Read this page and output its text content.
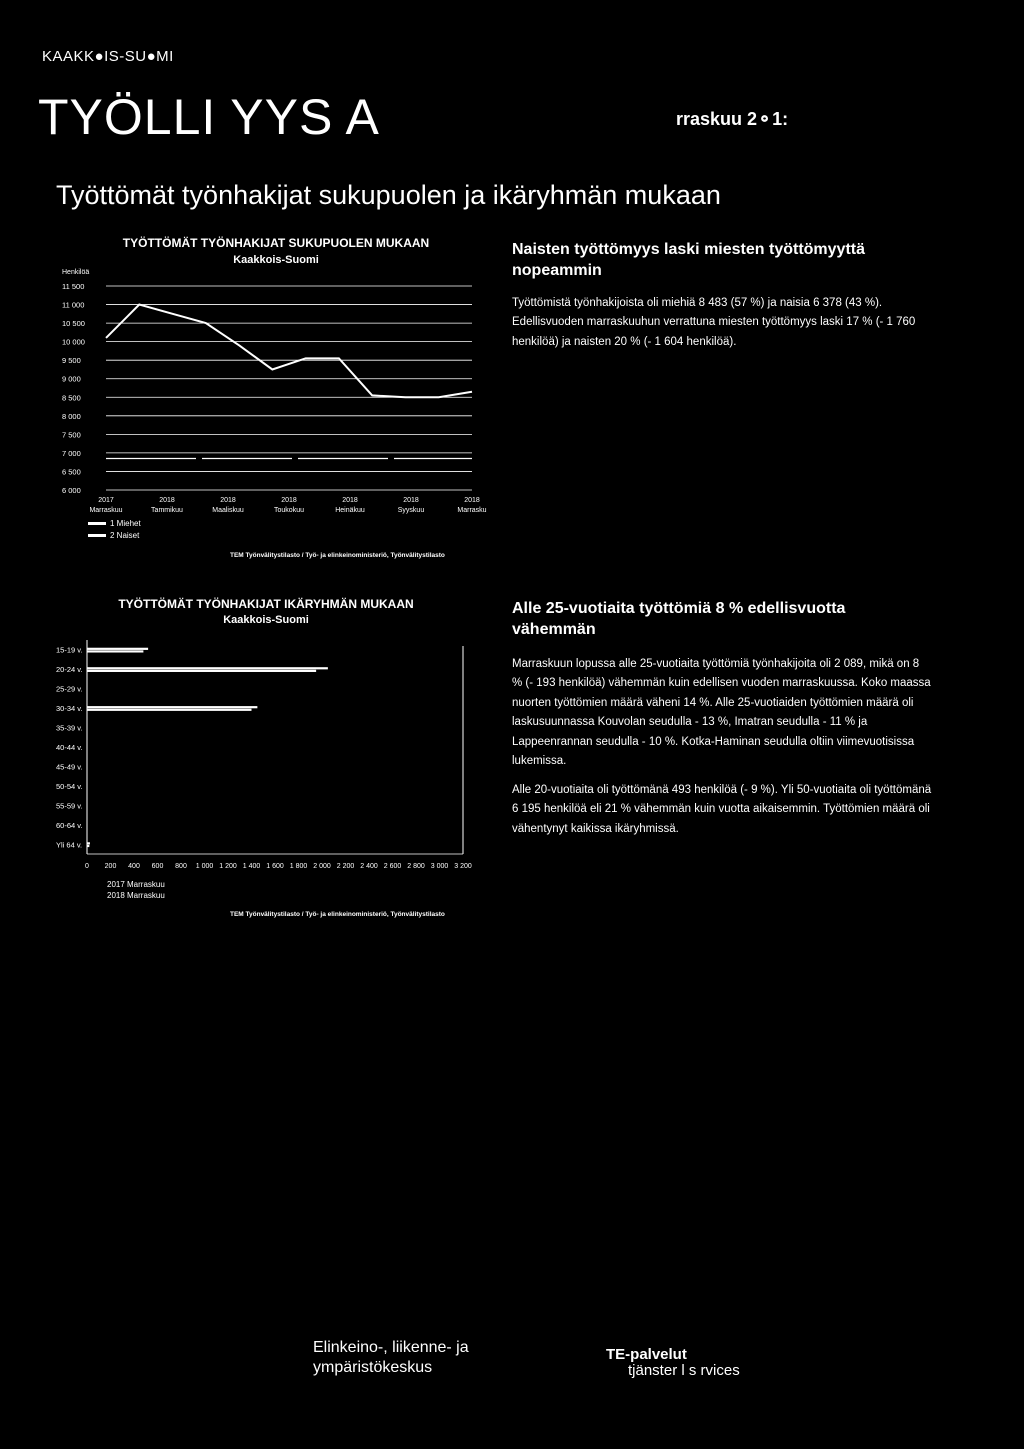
KAAKK●IS-SU●MI
TYÖLLI YYS A	rraskuu 2⚬1:
Työttömät työnhakijat sukupuolen ja ikäryhmän mukaan
TYÖTTÖMÄT TYÖNHAKIJAT SUKUPUOLEN MUKAAN
Kaakkois-Suomi
Henkilöä
11 500
11 000
10 500
10 000
9 500
9 000
8 500
8 000
7 500
7 000
6 500
6 000
2017
Marraskuu
2018
Tammikuu
2018
Maaliskuu
2018
Toukokuu
2018
Heinäkuu
2018
Syyskuu
2018
Marrasku
1 Miehet
2 Naiset
TEM Työnvälitystilasto / Työ- ja elinkeinoministeriö, Työnvälitystilasto
Naisten työttömyys laski miesten työttömyyttä nopeammin
Työttömistä työnhakijoista oli miehiä 8 483 (57 %) ja naisia 6 378 (43 %). Edellisvuoden marraskuuhun verrattuna miesten työttömyys laski 17 % (- 1 760 henkilöä) ja naisten 20 % (- 1 604 henkilöä).
TYÖTTÖMÄT TYÖNHAKIJAT IKÄRYHMÄN MUKAAN
Kaakkois-Suomi
15-19 v.
20-24 v.
25-29 v.
30-34 v.
35-39 v.
40-44 v.
45-49 v.
50-54 v.
55-59 v.
60-64 v.
Yli 64 v.
0 200 400 600 800 1 000 1 200 1 400 1 600 1 800 2 000 2 200 2 400 2 600 2 800 3 000 3 200
2017 Marraskuu
2018 Marraskuu
TEM Työnvälitystilasto / Työ- ja elinkeinoministeriö, Työnvälitystilasto
Alle 25-vuotiaita työttömiä 8 % edellisvuotta vähemmän
Marraskuun lopussa alle 25-vuotiaita työttömiä työnhakijoita oli 2 089, mikä on 8 % (- 193 henkilöä) vähemmän kuin edellisen vuoden marraskuussa. Koko maassa nuorten työttömien määrä väheni 14 %. Alle 25-vuotiaiden työttömien määrä oli laskusuunnassa Kouvolan seudulla - 13 %, Imatran seudulla - 11 % ja Lappeenrannan seudulla - 10 %. Kotka-Haminan seudulla oltiin viimevuotisissa lukemissa.
Alle 20-vuotiaita oli työttömänä 493 henkilöä (- 9 %). Yli 50-vuotiaita oli työttömänä 6 195 henkilöä eli 21 % vähemmän kuin vuotta aikaisemmin. Työttömien määrä oli vähentynyt kaikissa ikäryhmissä.
Elinkeino-, liikenne- ja
ympäristökeskus
TE-palvelut
tjänster l s rvices
